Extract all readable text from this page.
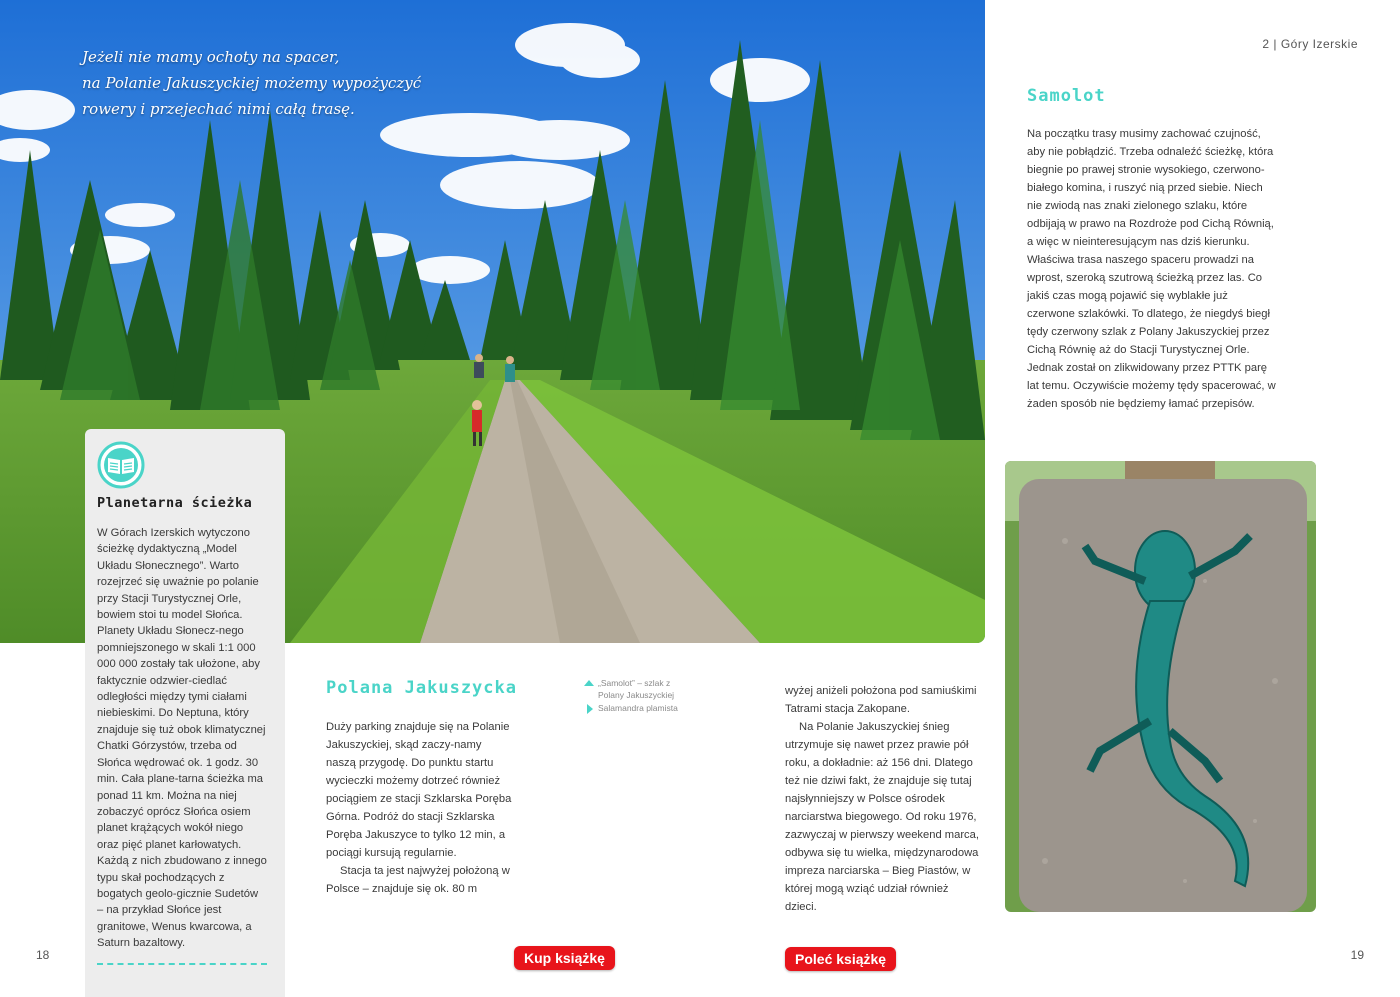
Jeżeli nie mamy ochoty na spacer,
na Polanie Jakuszyckiej możemy wypożyczyć
rowery i przejechać nimi całą trasę.

2 | Góry Izerskie
Planetarna ścieżka

W Górach Izerskich wytyczono ścieżkę dydaktyczną „Model Układu Słonecznego”. Warto rozejrzeć się uważnie po polanie przy Stacji Turystycznej Orle, bowiem stoi tu model Słońca. Planety Układu Słonecz-nego pomniejszonego w skali 1:1 000 000 000 zostały tak ułożone, aby faktycznie odzwier-ciedlać odległości między tymi ciałami niebieskimi. Do Neptuna, który znajduje się tuż obok klimatycznej Chatki Górzystów, trzeba od Słońca wędrować ok. 1 godz. 30 min. Cała plane-tarna ścieżka ma ponad 11 km. Można na niej zobaczyć oprócz Słońca osiem planet krążących wokół niego oraz pięć planet karłowatych. Każdą z nich zbudowano z innego typu skał pochodzących z bogatych geolo-gicznie Sudetów – na przykład Słońce jest granitowe, Wenus kwarcowa, a Saturn bazaltowy.

Polana Jakuszycka

Duży parking znajduje się na Polanie Jakuszyckiej, skąd zaczy-namy naszą przygodę. Do punktu startu wycieczki możemy dotrzeć również pociągiem ze stacji Szklarska Poręba Górna. Podróż do stacji Szklarska Poręba Jakuszyce to tylko 12 min, a pociągi kursują regularnie.

Stacja ta jest najwyżej położoną w Polsce – znajduje się ok. 80 m

„Samolot” – szlak z Polany Jakuszyckiej
Salamandra plamista

wyżej aniżeli położona pod samiuśkimi Tatrami stacja Zakopane.

Na Polanie Jakuszyckiej śnieg utrzymuje się nawet przez prawie pół roku, a dokładnie: aż 156 dni. Dlatego też nie dziwi fakt, że znajduje się tutaj najsłynniejszy w Polsce ośrodek narciarstwa biegowego. Od roku 1976, zazwyczaj w pierwszy weekend marca, odbywa się tu wielka, międzynarodowa impreza narciarska – Bieg Piastów, w której mogą wziąć udział również dzieci.

Samolot

Na początku trasy musimy zachować czujność, aby nie pobłądzić. Trzeba odnaleźć ścieżkę, która biegnie po prawej stronie wysokiego, czerwono-białego komina, i ruszyć nią przed siebie. Niech nie zwiodą nas znaki zielonego szlaku, które odbijają w prawo na Rozdroże pod Cichą Równią, a więc w nieinteresującym nas dziś kierunku. Właściwa trasa naszego spaceru prowadzi na wprost, szeroką szutrową ścieżką przez las. Co jakiś czas mogą pojawić się wyblakłe już czerwone szlakówki. To dlatego, że niegdyś biegł tędy czerwony szlak z Polany Jakuszyckiej przez Cichą Równię aż do Stacji Turystycznej Orle. Jednak został on zlikwidowany przez PTTK parę lat temu. Oczywiście możemy tędy spacerować, w żaden sposób nie będziemy łamać przepisów.

18	19
Kup książkę	Poleć książkę
